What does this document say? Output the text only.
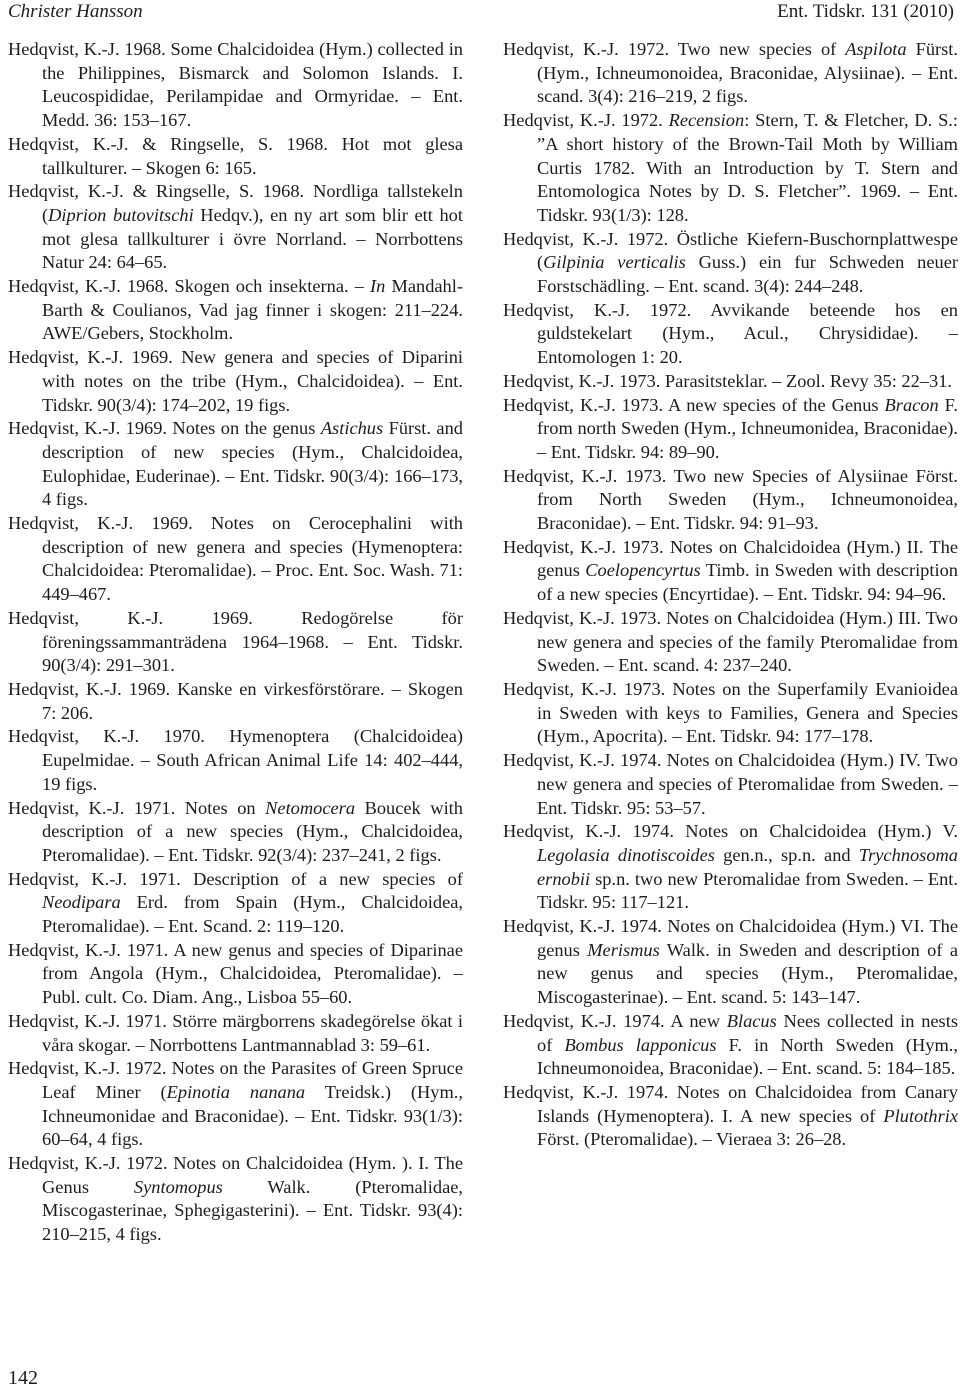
Christer Hansson	Ent. Tidskr. 131 (2010)

Hedqvist, K.-J. 1968. Some Chalcidoidea (Hym.) collected in the Philippines, Bismarck and Solomon Islands. I. Leucospididae, Perilampidae and Ormyridae. – Ent. Medd. 36: 153–167.

Hedqvist, K.-J. & Ringselle, S. 1968. Hot mot glesa tallkulturer. – Skogen 6: 165.

Hedqvist, K.-J. & Ringselle, S. 1968. Nordliga tallstekeln (Diprion butovitschi Hedqv.), en ny art som blir ett hot mot glesa tallkulturer i övre Norrland. – Norrbottens Natur 24: 64–65.

Hedqvist, K.-J. 1968. Skogen och insekterna. – In Mandahl-Barth & Coulianos, Vad jag finner i skogen: 211–224. AWE/Gebers, Stockholm.

Hedqvist, K.-J. 1969. New genera and species of Diparini with notes on the tribe (Hym., Chalcidoidea). – Ent. Tidskr. 90(3/4): 174–202, 19 figs.

Hedqvist, K.-J. 1969. Notes on the genus Astichus Fürst. and description of new species (Hym., Chalcidoidea, Eulophidae, Euderinae). – Ent. Tidskr. 90(3/4): 166–173, 4 figs.

Hedqvist, K.-J. 1969. Notes on Cerocephalini with description of new genera and species (Hymenoptera: Chalcidoidea: Pteromalidae). – Proc. Ent. Soc. Wash. 71: 449–467.

Hedqvist, K.-J. 1969. Redogörelse för föreningssammanträdena 1964–1968. – Ent. Tidskr. 90(3/4): 291–301.

Hedqvist, K.-J. 1969. Kanske en virkesförstörare. – Skogen 7: 206.

Hedqvist, K.-J. 1970. Hymenoptera (Chalcidoidea) Eupelmidae. – South African Animal Life 14: 402–444, 19 figs.

Hedqvist, K.-J. 1971. Notes on Netomocera Boucek with description of a new species (Hym., Chalcidoidea, Pteromalidae). – Ent. Tidskr. 92(3/4): 237–241, 2 figs.

Hedqvist, K.-J. 1971. Description of a new species of Neodipara Erd. from Spain (Hym., Chalcidoidea, Pteromalidae). – Ent. Scand. 2: 119–120.

Hedqvist, K.-J. 1971. A new genus and species of Diparinae from Angola (Hym., Chalcidoidea, Pteromalidae). – Publ. cult. Co. Diam. Ang., Lisboa 55–60.

Hedqvist, K.-J. 1971. Större märgborrens skadegörelse ökat i våra skogar. – Norrbottens Lantmannablad 3: 59–61.

Hedqvist, K.-J. 1972. Notes on the Parasites of Green Spruce Leaf Miner (Epinotia nanana Treidsk.) (Hym., Ichneumonidae and Braconidae). – Ent. Tidskr. 93(1/3): 60–64, 4 figs.

Hedqvist, K.-J. 1972. Notes on Chalcidoidea (Hym. ). I. The Genus Syntomopus Walk. (Pteromalidae, Miscogasterinae, Sphegigasterini). – Ent. Tidskr. 93(4): 210–215, 4 figs.

Hedqvist, K.-J. 1972. Two new species of Aspilota Fürst. (Hym., Ichneumonoidea, Braconidae, Alysiinae). – Ent. scand. 3(4): 216–219, 2 figs.

Hedqvist, K.-J. 1972. Recension: Stern, T. & Fletcher, D. S.: ”A short history of the Brown-Tail Moth by William Curtis 1782. With an Introduction by T. Stern and Entomologica Notes by D. S. Fletcher”. 1969. – Ent. Tidskr. 93(1/3): 128.

Hedqvist, K.-J. 1972. Östliche Kiefern-Buschornplattwespe (Gilpinia verticalis Guss.) ein fur Schweden neuer Forstschädling. – Ent. scand. 3(4): 244–248.

Hedqvist, K.-J. 1972. Avvikande beteende hos en guldstekelart (Hym., Acul., Chrysididae). – Entomologen 1: 20.

Hedqvist, K.-J. 1973. Parasitsteklar. – Zool. Revy 35: 22–31.

Hedqvist, K.-J. 1973. A new species of the Genus Bracon F. from north Sweden (Hym., Ichneumonidea, Braconidae). – Ent. Tidskr. 94: 89–90.

Hedqvist, K.-J. 1973. Two new Species of Alysiinae Först. from North Sweden (Hym., Ichneumonoidea, Braconidae). – Ent. Tidskr. 94: 91–93.

Hedqvist, K.-J. 1973. Notes on Chalcidoidea (Hym.) II. The genus Coelopencyrtus Timb. in Sweden with description of a new species (Encyrtidae). – Ent. Tidskr. 94: 94–96.

Hedqvist, K.-J. 1973. Notes on Chalcidoidea (Hym.) III. Two new genera and species of the family Pteromalidae from Sweden. – Ent. scand. 4: 237–240.

Hedqvist, K.-J. 1973. Notes on the Superfamily Evanioidea in Sweden with keys to Families, Genera and Species (Hym., Apocrita). – Ent. Tidskr. 94: 177–178.

Hedqvist, K.-J. 1974. Notes on Chalcidoidea (Hym.) IV. Two new genera and species of Pteromalidae from Sweden. – Ent. Tidskr. 95: 53–57.

Hedqvist, K.-J. 1974. Notes on Chalcidoidea (Hym.) V. Legolasia dinotiscoides gen.n., sp.n. and Trychnosoma ernobii sp.n. two new Pteromalidae from Sweden. – Ent. Tidskr. 95: 117–121.

Hedqvist, K.-J. 1974. Notes on Chalcidoidea (Hym.) VI. The genus Merismus Walk. in Sweden and description of a new genus and species (Hym., Pteromalidae, Miscogasterinae). – Ent. scand. 5: 143–147.

Hedqvist, K.-J. 1974. A new Blacus Nees collected in nests of Bombus lapponicus F. in North Sweden (Hym., Ichneumonoidea, Braconidae). – Ent. scand. 5: 184–185.

Hedqvist, K.-J. 1974. Notes on Chalcidoidea from Canary Islands (Hymenoptera). I. A new species of Plutothrix Först. (Pteromalidae). – Vieraea 3: 26–28.

142
